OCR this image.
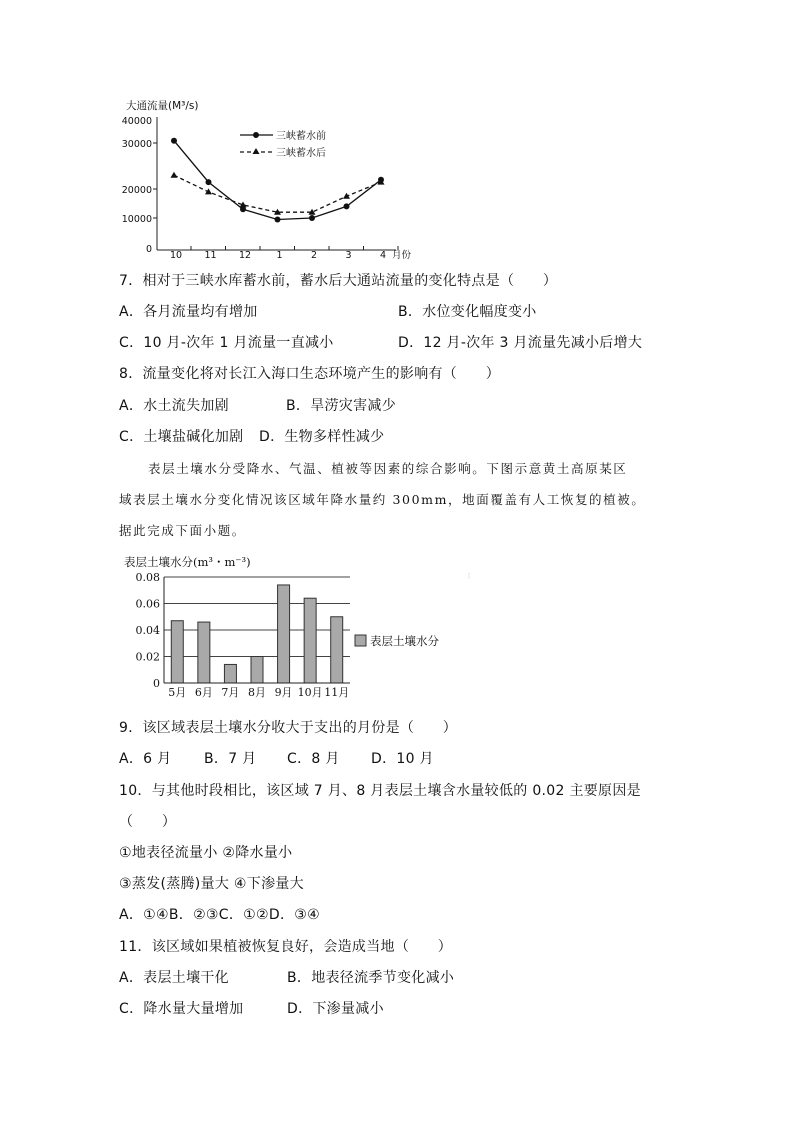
大通流量(M³/s)
月份
40000
30000
20000
10000
0
10 11 12	1	2	3	4
三峡蓄水前
三峡蓄水后
7．相对于三峡水库蓄水前，蓄水后大通站流量的变化特点是（　　）
A．各月流量均有增加	B．水位变化幅度变小
C．10 月-次年 1 月流量一直减小	D．12 月-次年 3 月流量先减小后增大
8．流量变化将对长江入海口生态环境产生的影响有（　　）
A．水土流失加剧	B．旱涝灾害减少
C．土壤盐碱化加剧 D．生物多样性减少
表层土壤水分受降水、气温、植被等因素的综合影响。下图示意黄土高原某区
域表层土壤水分变化情况该区域年降水量约 300mm，地面覆盖有人工恢复的植被。
据此完成下面小题。
表层土壤水分(m³・m⁻³)
0.08
0.06
0.04
0.02
0
5月 6月 7月 8月 9月 10月 11月
表层土壤水分
﹝
9．该区域表层土壤水分收大于支出的月份是（　　）
A．6 月 B．7 月 C．8 月 D．10 月
10．与其他时段相比，该区域 7 月、8 月表层土壤含水量较低的 0.02 主要原因是
（　　）
①地表径流量小 ②降水量小
③蒸发(蒸腾)量大 ④下渗量大
A．①④B．②③C．①②D．③④
11．该区域如果植被恢复良好，会造成当地（　　）
A．表层土壤干化	B．地表径流季节变化减小
C．降水量大量增加	D．下渗量减小
